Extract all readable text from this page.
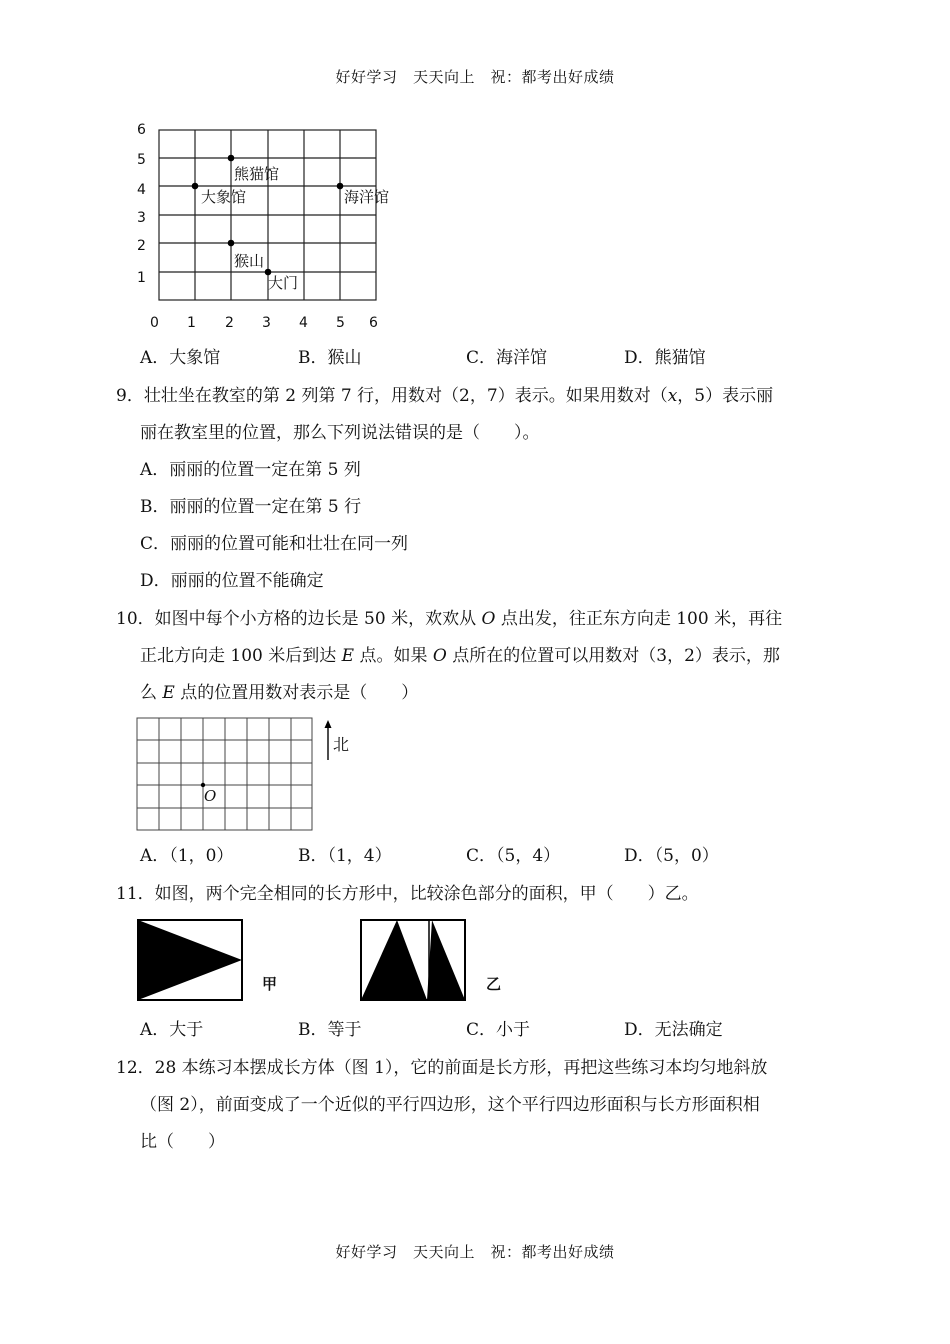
好好学习　天天向上　祝：都考出好成绩
6
5
4
3
2
1
0 1 2 3 4 5 6
熊猫馆
大象馆	海洋馆
猴山
大门
A．大象馆	B．猴山	C．海洋馆	D．熊猫馆
9．壮壮坐在教室的第 2 列第 7 行，用数对（2，7）表示。如果用数对（x，5）表示丽
丽在教室里的位置，那么下列说法错误的是（　　）。
A．丽丽的位置一定在第 5 列
B．丽丽的位置一定在第 5 行
C．丽丽的位置可能和壮壮在同一列
D．丽丽的位置不能确定
10．如图中每个小方格的边长是 50 米，欢欢从 O 点出发，往正东方向走 100 米，再往
正北方向走 100 米后到达 E 点。如果 O 点所在的位置可以用数对（3，2）表示，那
么 E 点的位置用数对表示是（　　）
北
O
A．（1，0）	B．（1，4）	C．（5，4）	D．（5，0）
11．如图，两个完全相同的长方形中，比较涂色部分的面积，甲（　　）乙。
甲	乙
A．大于	B．等于	C．小于	D．无法确定
12．28 本练习本摆成长方体（图 1），它的前面是长方形，再把这些练习本均匀地斜放
（图 2），前面变成了一个近似的平行四边形，这个平行四边形面积与长方形面积相
比（　　）
好好学习　天天向上　祝：都考出好成绩
